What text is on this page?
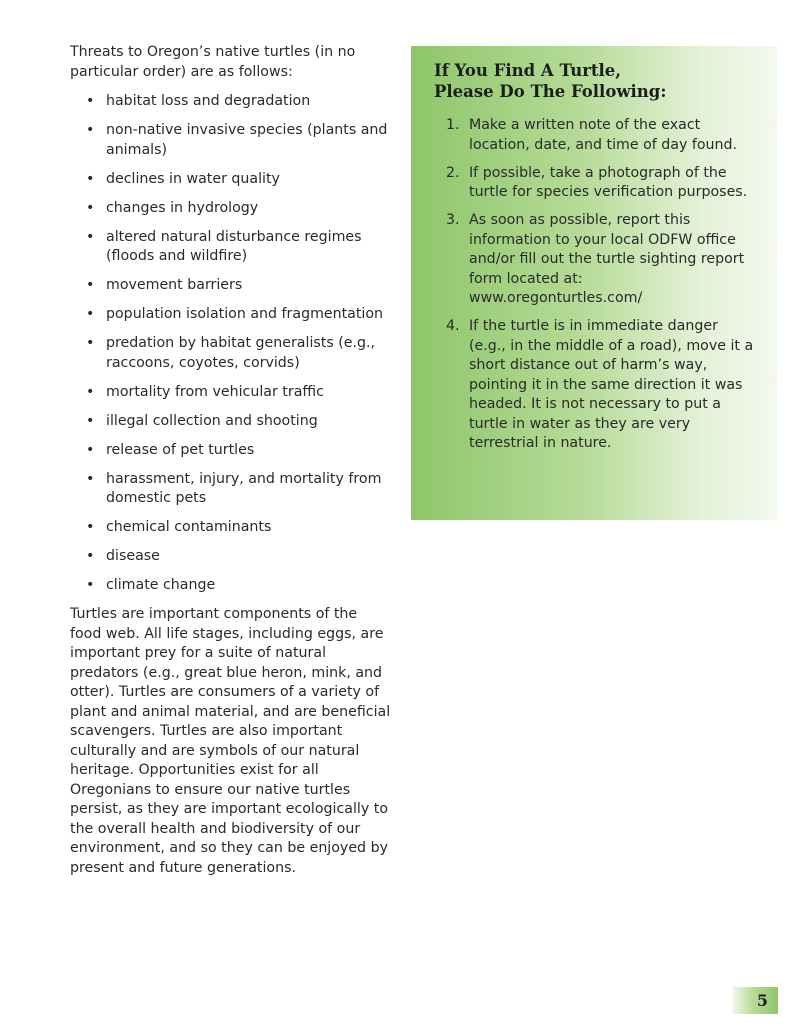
Threats to Oregon’s native turtles (in no particular order) are as follows:

• habitat loss and degradation
• non-native invasive species (plants and animals)
• declines in water quality
• changes in hydrology
• altered natural disturbance regimes (floods and wildfire)
• movement barriers
• population isolation and fragmentation
• predation by habitat generalists (e.g., raccoons, coyotes, corvids)
• mortality from vehicular traffic
• illegal collection and shooting
• release of pet turtles
• harassment, injury, and mortality from domestic pets
• chemical contaminants
• disease
• climate change

Turtles are important components of the food web. All life stages, including eggs, are important prey for a suite of natural predators (e.g., great blue heron, mink, and otter). Turtles are consumers of a variety of plant and animal material, and are beneficial scavengers. Turtles are also important culturally and are symbols of our natural heritage. Opportunities exist for all Oregonians to ensure our native turtles persist, as they are important ecologically to the overall health and biodiversity of our environment, and so they can be enjoyed by present and future generations.

If You Find A Turtle,
Please Do The Following:
1. Make a written note of the exact location, date, and time of day found.
2. If possible, take a photograph of the turtle for species verification purposes.
3. As soon as possible, report this information to your local ODFW office and/or fill out the turtle sighting report form located at: www.oregonturtles.com/
4. If the turtle is in immediate danger (e.g., in the middle of a road), move it a short distance out of harm’s way, pointing it in the same direction it was headed. It is not necessary to put a turtle in water as they are very terrestrial in nature.
5
